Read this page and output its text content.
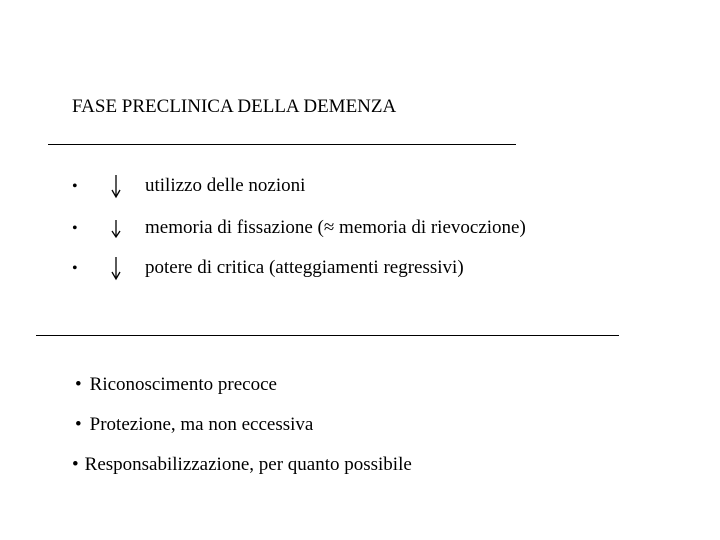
FASE PRECLINICA DELLA DEMENZA
•	utilizzo delle nozioni
•	memoria di fissazione (≈ memoria di rievoczione)
•	potere di critica (atteggiamenti regressivi)
• Riconoscimento precoce
• Protezione, ma non eccessiva
• Responsabilizzazione, per quanto possibile
